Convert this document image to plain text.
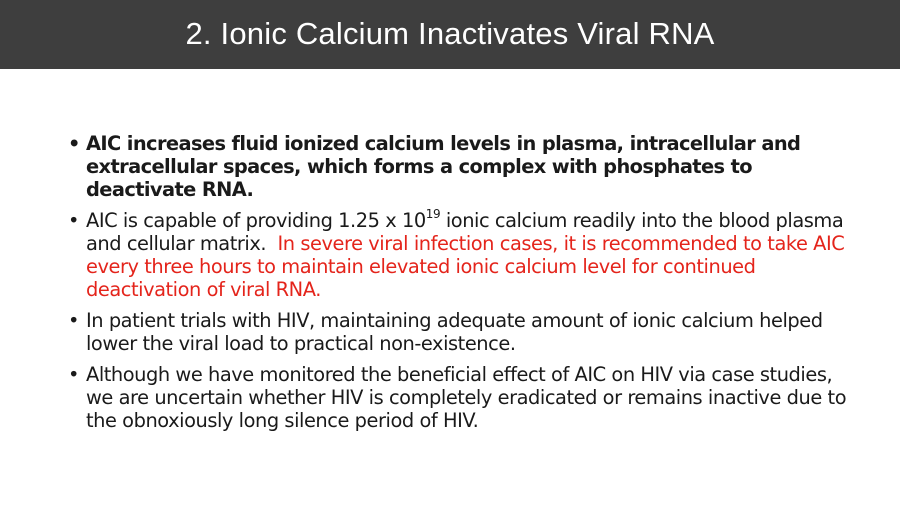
2. Ionic Calcium Inactivates Viral RNA
• AIC increases fluid ionized calcium levels in plasma, intracellular and extracellular spaces, which forms a complex with phosphates to deactivate RNA.
• AIC is capable of providing 1.25 x $10^{19}$ ionic calcium readily into the blood plasma and cellular matrix. In severe viral infection cases, it is recommended to take AIC every three hours to maintain elevated ionic calcium level for continued deactivation of viral RNA.
• In patient trials with HIV, maintaining adequate amount of ionic calcium helped lower the viral load to practical non-existence.
• Although we have monitored the beneficial effect of AIC on HIV via case studies, we are uncertain whether HIV is completely eradicated or remains inactive due to the obnoxiously long silence period of HIV.
